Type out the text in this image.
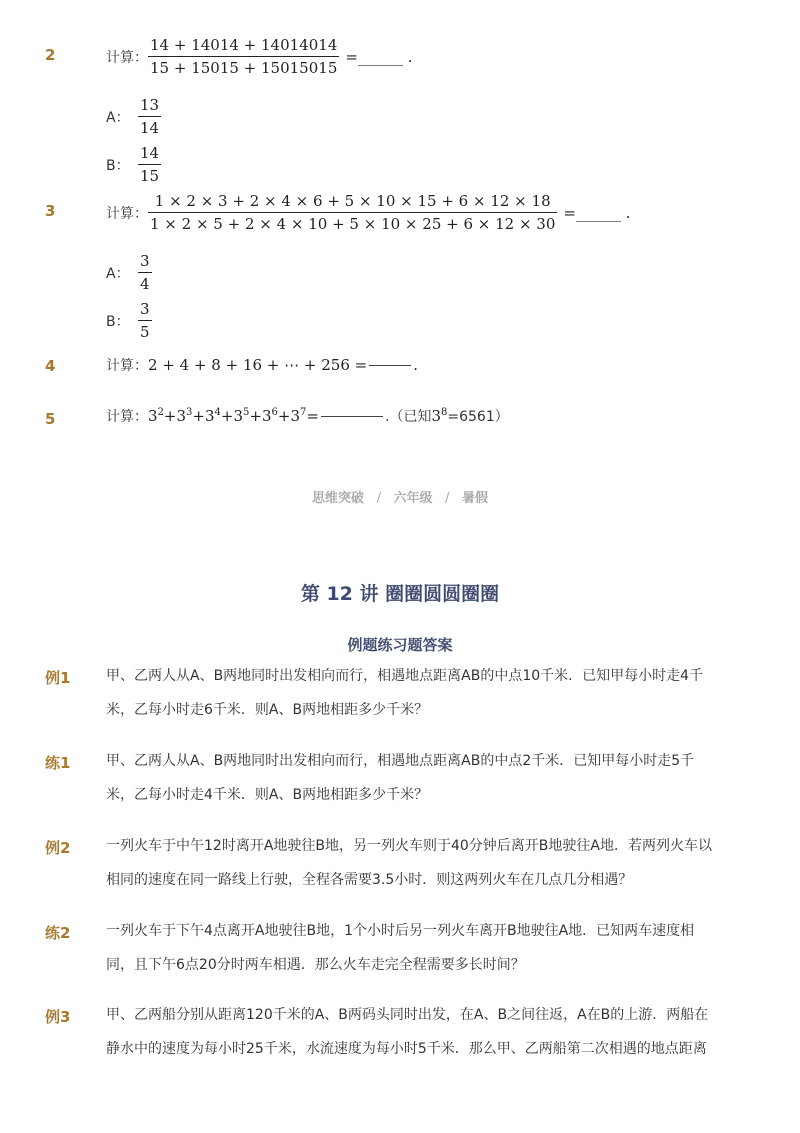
2	计算： $\frac{14 + 14014 + 14014014}{15 + 15015 + 15015015}$ =______ .
A： $\frac{13}{14}$
B： $\frac{14}{15}$
3	计算： $\frac{1 \times 2 \times 3 + 2 \times 4 \times 6 + 5 \times 10 \times 15 + 6 \times 12 \times 18}{1 \times 2 \times 5 + 2 \times 4 \times 10 + 5 \times 10 \times 25 + 6 \times 12 \times 30}$ =______ .
A： $\frac{3}{4}$
B： $\frac{3}{5}$
4	计算： 2 + 4 + 8 + 16 + ⋯ + 256 =	.
5	计算： $3^2 + 3^3 + 3^4 + 3^5 + 3^6 + 3^7$ =	.（已知 $3^8 =6561$）
思维突破 / 六年级 / 暑假
第 12 讲 圈圈圆圆圈圈
例题练习题答案
例1	甲、乙两人从A、B两地同时出发相向而行，相遇地点距离AB的中点10千米．已知甲每小时走4千米，乙每小时走6千米．则A、B两地相距多少千米？
练1	甲、乙两人从A、B两地同时出发相向而行，相遇地点距离AB的中点2千米．已知甲每小时走5千米，乙每小时走4千米．则A、B两地相距多少千米？
例2	一列火车于中午12时离开A地驶往B地，另一列火车则于40分钟后离开B地驶往A地．若两列火车以相同的速度在同一路线上行驶，全程各需要3.5小时．则这两列火车在几点几分相遇？
练2	一列火车于下午4点离开A地驶往B地，1个小时后另一列火车离开B地驶往A地．已知两车速度相同，且下午6点20分时两车相遇．那么火车走完全程需要多长时间？
例3	甲、乙两船分别从距离120千米的A、B两码头同时出发，在A、B之间往返，A在B的上游．两船在静水中的速度为每小时25千米，水流速度为每小时5千米．那么甲、乙两船第二次相遇的地点距离
